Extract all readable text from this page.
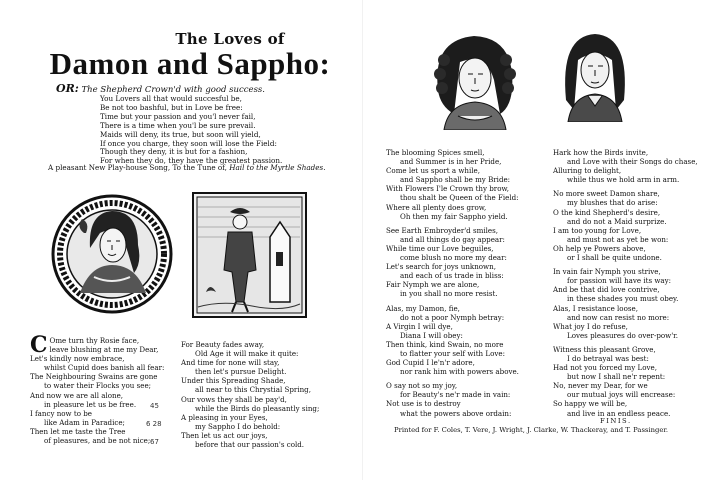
The Loves of
Damon and Sappho:
OR: The Shepherd Crown'd with good success.
You Lovers all that would succesful be,
Be not too bashful, but in Love be free:
Time but your passion and you'l never fail,
There is a time when you'l be sure prevail.
Maids will deny, its true, but soon will yield,
If once you charge, they soon will lose the Field:
Though they deny, it is but for a fashion,
For when they do, they have the greatest passion.
A pleasant New Play-house Song, To the Tune of, Hail to the Myrtle Shades.
C Ome turn thy Rosie face,
leave blushing at me my Dear,
Let's kindly now embrace,
whilst Cupid does banish all fear:
The Neighbouring Swains are gone
to water their Flocks you see;
And now we are all alone,
in pleasure let us be free.
I fancy now to be
like Adam in Paradice;
Then let me taste the Tree
of pleasures, and be not nice;
45
6 28
67
For Beauty fades away,
Old Age it will make it quite:
And time for none will stay,
then let's pursue Delight.
Under this Spreading Shade,
all near to this Chrystial Spring,
Our vows they shall be pay'd,
while the Birds do pleasantly sing;
A pleasing in your Eyes,
my Sappho I do behold:
Then let us act our joys,
before that our passion's cold.
The blooming Spices smell,
and Summer is in her Pride,
Come let us sport a while,
and Sappho shall be my Bride:
With Flowers I'le Crown thy brow,
thou shalt be Queen of the Field:
Where all plenty does grow,
Oh then my fair Sappho yield.
See Earth Embroyder'd smiles,
and all things do gay appear:
While time our Love beguiles,
come blush no more my dear:
Let's search for joys unknown,
and each of us trade in bliss:
Fair Nymph we are alone,
in you shall no more resist.
Alas, my Damon, fie,
do not a poor Nymph betray:
A Virgin I will dye,
Diana I will obey:
Then think, kind Swain, no more
to flatter your self with Love:
God Cupid I le'n'r adore,
nor rank him with powers above.
O say not so my joy,
for Beauty's ne'r made in vain:
Not use is to destroy
what the powers above ordain:
Hark how the Birds invite,
and Love with their Songs do chase,
Alluring to delight,
while thus we hold arm in arm.
No more sweet Damon share,
my blushes that do arise:
O the kind Shepherd's desire,
and do not a Maid surprize.
I am too young for Love,
and must not as yet be won:
Oh help ye Powers above,
or I shall be quite undone.
In vain fair Nymph you strive,
for passion will have its way:
And be that did love contrive,
in these shades you must obey.
Alas, I resistance loose,
and now can resist no more:
What joy I do refuse,
Loves pleasures do over-pow'r.
Witness this pleasant Grove,
I do betrayal was best:
Had not you forced my Love,
but now I shall ne'r repent:
No, never my Dear, for we
our mutual joys will encrease:
So happy we will be,
and live in an endless peace.
FINIS.
Printed for F. Coles, T. Vere, J. Wright, J. Clarke, W. Thackeray, and T. Passinger.
